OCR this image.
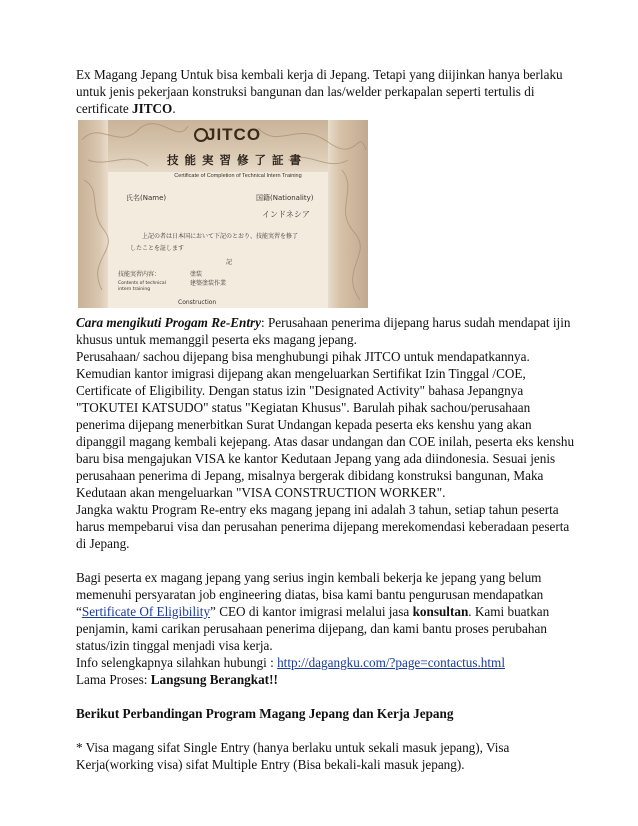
Ex Magang Jepang Untuk bisa kembali kerja di Jepang. Tetapi yang diijinkan hanya berlaku untuk jenis pekerjaan konstruksi bangunan dan las/welder perkapalan seperti tertulis di certificate JITCO.

JITCO
技能実習修了証書
Certificate of Completion of Technical Intern Training
氏名(Name)	国籍(Nationality)
インドネシア
上記の者は日本国において下記のとおり、技能実習を修了
したことを証します
記
技能実習内容：
Contents of technical
intern training
塗装
建築塗装作業
Construction

Cara mengikuti Progam Re-Entry: Perusahaan penerima dijepang harus sudah mendapat ijin khusus untuk memanggil peserta eks magang jepang.

Perusahaan/ sachou dijepang bisa menghubungi pihak JITCO untuk mendapatkannya. Kemudian kantor imigrasi dijepang akan mengeluarkan Sertifikat Izin Tinggal /COE, Certificate of Eligibility. Dengan status izin "Designated Activity" bahasa Jepangnya "TOKUTEI KATSUDO" status "Kegiatan Khusus". Barulah pihak sachou/perusahaan penerima dijepang menerbitkan Surat Undangan kepada peserta eks kenshu yang akan dipanggil magang kembali kejepang. Atas dasar undangan dan COE inilah, peserta eks kenshu baru bisa mengajukan VISA ke kantor Kedutaan Jepang yang ada diindonesia. Sesuai jenis perusahaan penerima di Jepang, misalnya bergerak dibidang konstruksi bangunan, Maka Kedutaan akan mengeluarkan "VISA CONSTRUCTION WORKER".

Jangka waktu Program Re-entry eks magang jepang ini adalah 3 tahun, setiap tahun peserta harus mempebarui visa dan perusahan penerima dijepang merekomendasi keberadaan peserta di Jepang.

Bagi peserta ex magang jepang yang serius ingin kembali bekerja ke jepang yang belum memenuhi persyaratan job engineering diatas, bisa kami bantu pengurusan mendapatkan “Sertificate Of Eligibility” CEO di kantor imigrasi melalui jasa konsultan. Kami buatkan penjamin, kami carikan perusahaan penerima dijepang, dan kami bantu proses perubahan status/izin tinggal menjadi visa kerja.

Info selengkapnya silahkan hubungi : http://dagangku.com/?page=contactus.html

Lama Proses: Langsung Berangkat!!

Berikut Perbandingan Program Magang Jepang dan Kerja Jepang

* Visa magang sifat Single Entry (hanya berlaku untuk sekali masuk jepang), Visa Kerja(working visa) sifat Multiple Entry (Bisa bekali-kali masuk jepang).
